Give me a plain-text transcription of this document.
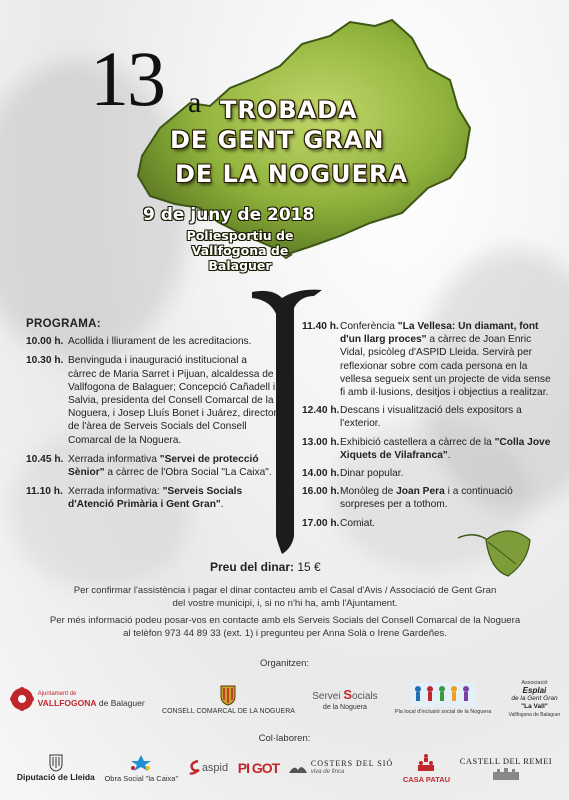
13 a TROBADA
DE GENT GRAN
DE LA NOGUERA
9 de juny de 2018
Poliesportiu de
Vallfogona de Balaguer
PROGRAMA:
10.00 h. Acollida i lliurament de les acreditacions.
10.30 h. Benvinguda i inauguració institucional a càrrec de Maria Sarret i Pijuan, alcaldessa de Vallfogona de Balaguer; Concepció Cañadell i Salvia, presidenta del Consell Comarcal de la Noguera, i Josep Lluís Bonet i Juárez, director de l'àrea de Serveis Socials del Consell Comarcal de la Noguera.
10.45 h. Xerrada informativa "Servei de protecció Sènior" a càrrec de l'Obra Social "La Caixa".
11.10 h. Xerrada informativa: "Serveis Socials d'Atenció Primària i Gent Gran".
11.40 h. Conferència "La Vellesa: Un diamant, font d'un llarg proces" a càrrec de Joan Enric Vidal, psicòleg d'ASPID Lleida. Servirà per reflexionar sobre com cada persona en la vellesa segueix sent un projecte de vida sense fi amb il·lusions, desitjos i objectius a realitzar.
12.40 h. Descans i visualització dels expositors a l'exterior.
13.00 h. Exhibició castellera a càrrec de la "Colla Jove Xiquets de Vilafranca".
14.00 h. Dinar popular.
16.00 h. Monòleg de Joan Pera i a continuació sorpreses per a tothom.
17.00 h. Comiat.
Preu del dinar: 15 €
Per confirmar l'assistència i pagar el dinar contacteu amb el Casal d'Avis / Associació de Gent Gran
del vostre municipi, i, si no n'hi ha, amb l'Ajuntament.
Per més informació podeu posar-vos en contacte amb els Serveis Socials del Consell Comarcal de la Noguera
al telèfon 973 44 89 33 (ext. 1) i pregunteu per Anna Solà o Irene Gardeñes.
Organitzen:
Ajuntament de
VALLFOGONA de Balaguer
CONSELL COMARCAL DE LA NOGUERA
Servei Socials
de la Noguera
Pla local d'inclusió social de la Noguera
Associació
Esplai
de la Gent Gran
"La Vall"
Vallfogona de Balaguer
Col·laboren:
Diputació de Lleida Obra Social "la Caixa"
aspid PI GOT	COSTERS DEL SIÓ
viva de finca
CASA PATAU
CASTELL DEL REMEI
